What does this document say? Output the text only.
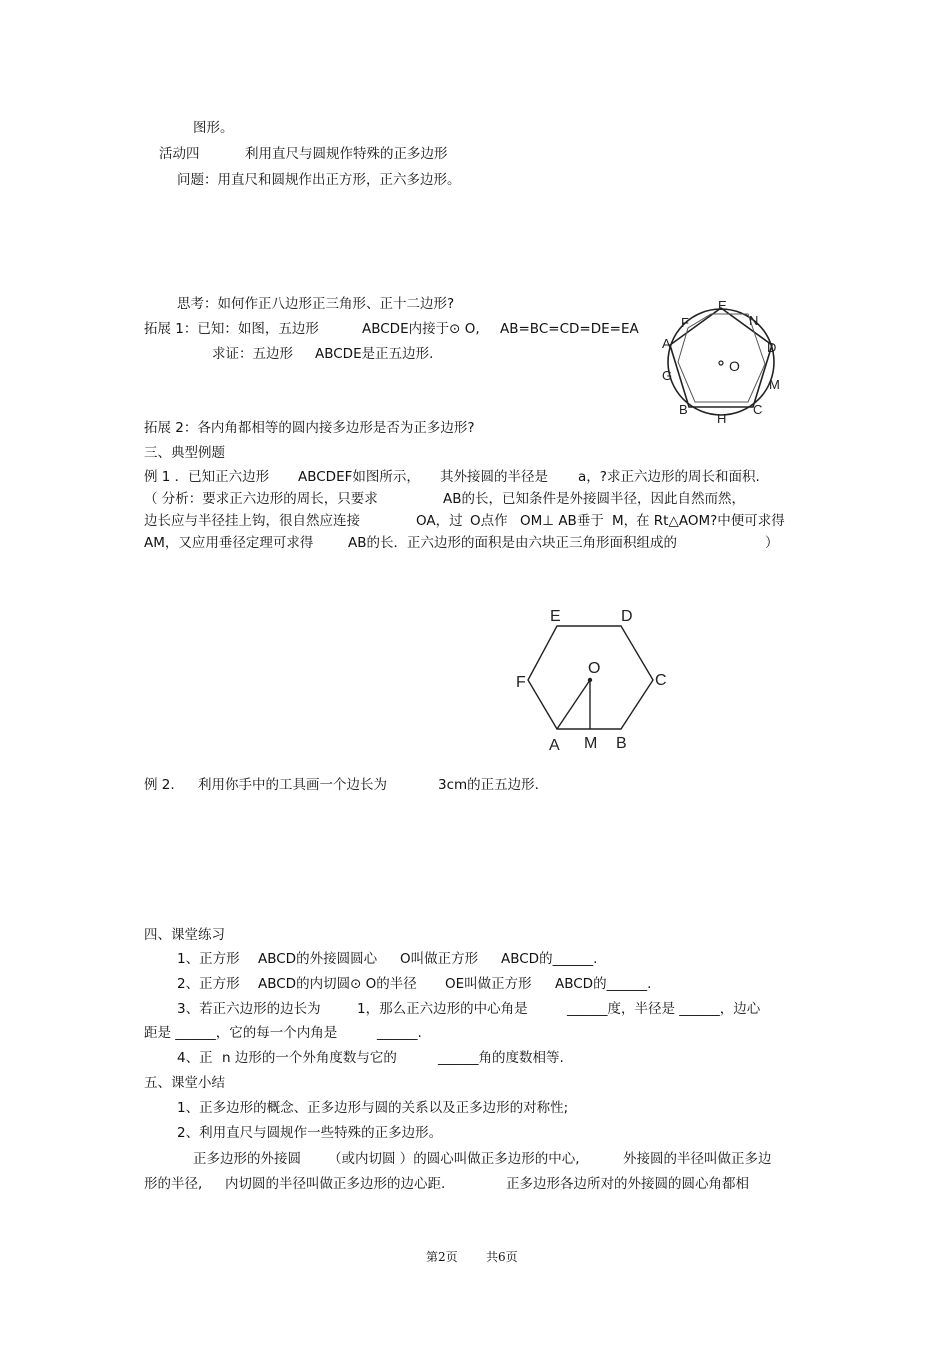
图形。
活动四	利用直尺与圆规作特殊的正多边形
问题：用直尺和圆规作出正方形，正六多边形。
思考：如何作正八边形正三角形、正十二边形?
拓展 1：已知：如图，五边形	ABCDE内接于⊙ O, AB=BC=CD=DE=EA
求证：五边形 ABCDE是正五边形.
拓展 2：各内角都相等的圆内接多边形是否为正多边形?
三、典型例题
例 1 ．已知正六边形 ABCDEF如图所示， 其外接圆的半径是 a，?求正六边形的周长和面积.
（ 分析：要求正六边形的周长，只要求	AB的长，已知条件是外接圆半径，因此自然而然，
边长应与半径挂上钩，很自然应连接	OA，过 O点作 OM⊥ AB垂于 M，
在 Rt△AOM?中便可求得
AM，又应用垂径定理可求得	AB的长．正六边形的面积是由六块正三角形面积组成的	）
例 2. 利用你手中的工具画一个边长为	3cm的正五边形.
四、课堂练习
1、正方形 ABCD的外接圆圆心 O叫做正方形 ABCD的______.
2、正方形 ABCD的内切圆⊙ O的半径 OE叫做正方形 ABCD的______.
3、若正六边形的边长为	1，那么正六边形的中心角是	______度，半径是 ______，边心
距是 ______，它的每一个内角是	______.
4、正 n 边形的一个外角度数与它的	______角的度数相等.
五、课堂小结
1、正多边形的概念、正多边形与圆的关系以及正多边形的对称性;
2、利用直尺与圆规作一些特殊的正多边形。
正多边形的外接圆 （或内切圆 ）的圆心叫做正多边形的中心,	外接圆的半径叫做正多边
形的半径, 内切圆的半径叫做正多边形的边心距.	正多边形各边所对的外接圆的圆心角都相
E
N
F
D
A
O
G
M
B	C
H
E	D
O
F	C
A M B
第2页 共6页
